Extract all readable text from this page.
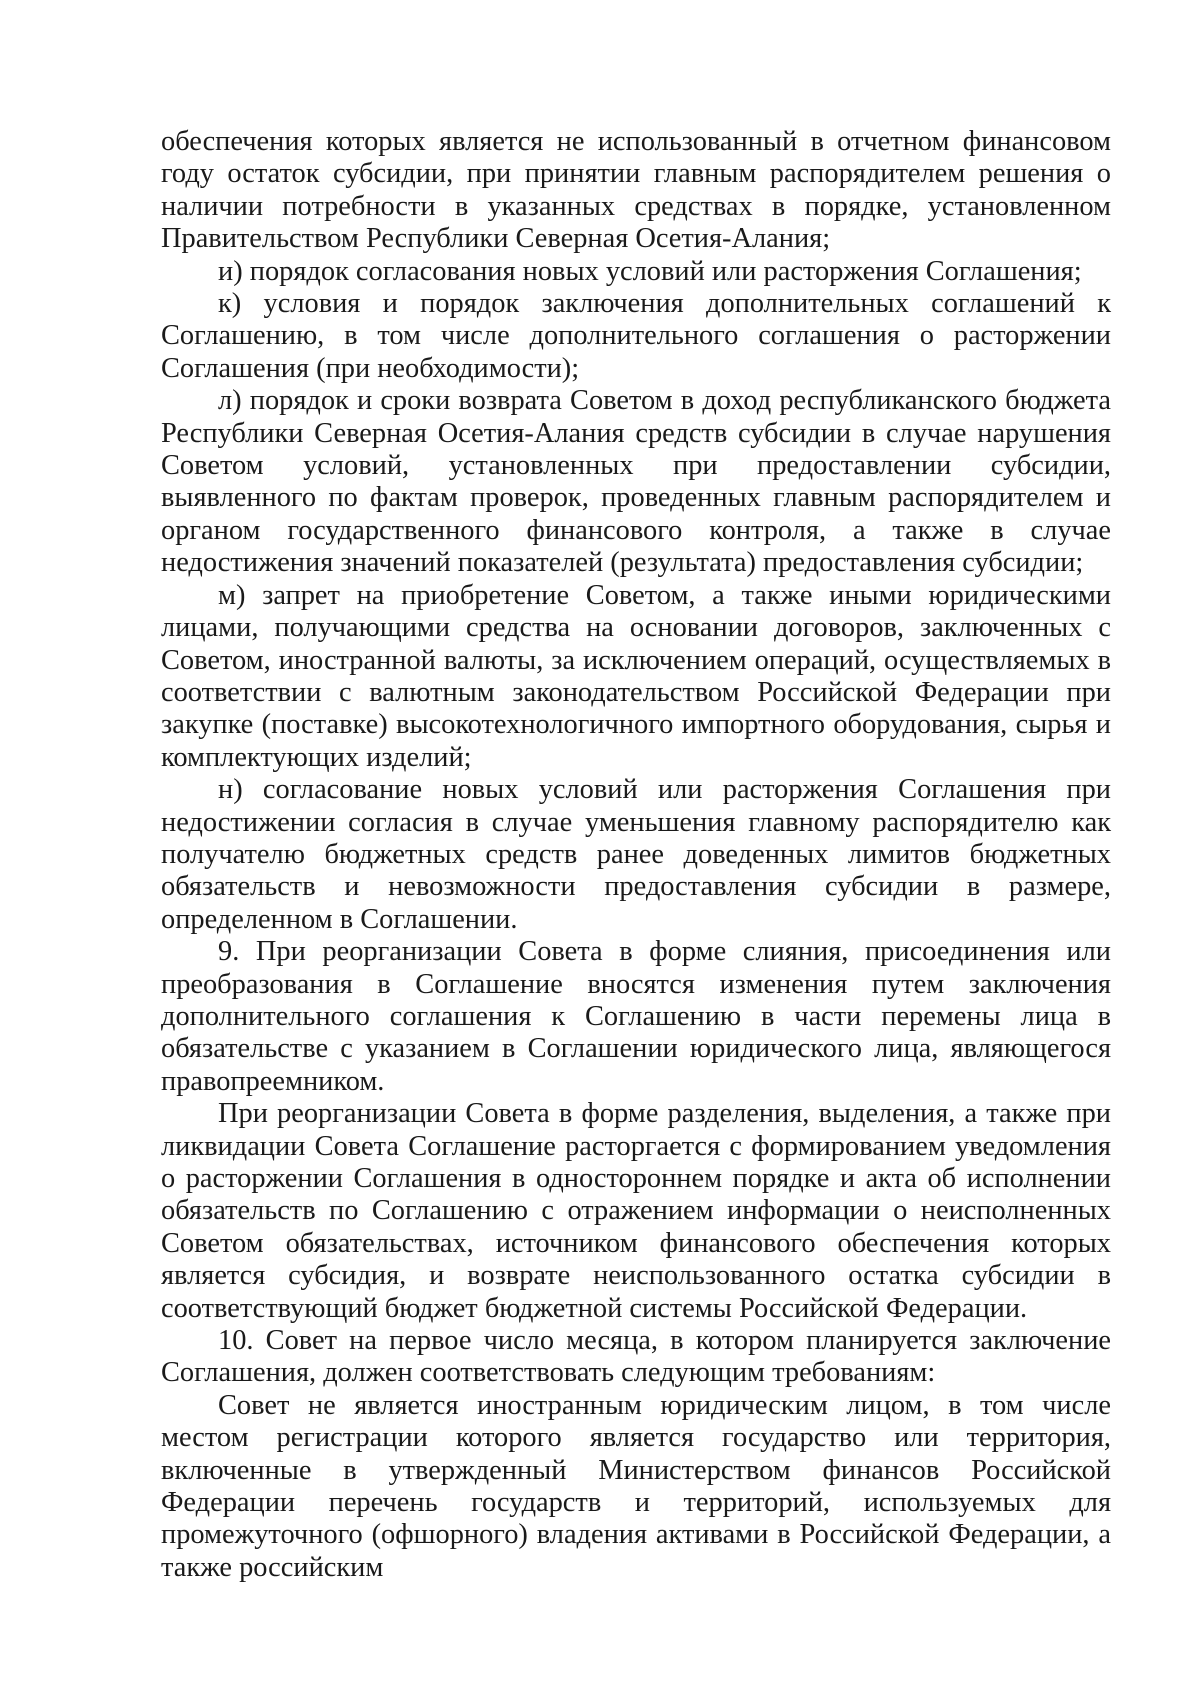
обеспечения которых является не использованный в отчетном финансовом году остаток субсидии, при принятии главным распорядителем решения о наличии потребности в указанных средствах в порядке, установленном Правительством Республики Северная Осетия-Алания;

и) порядок согласования новых условий или расторжения Соглашения;

к) условия и порядок заключения дополнительных соглашений к Соглашению, в том числе дополнительного соглашения о расторжении Соглашения (при необходимости);

л) порядок и сроки возврата Советом в доход республиканского бюджета Республики Северная Осетия-Алания средств субсидии в случае нарушения Советом условий, установленных при предоставлении субсидии, выявленного по фактам проверок, проведенных главным распорядителем и органом государственного финансового контроля, а также в случае недостижения значений показателей (результата) предоставления субсидии;

м) запрет на приобретение Советом, а также иными юридическими лицами, получающими средства на основании договоров, заключенных с Советом, иностранной валюты, за исключением операций, осуществляемых в соответствии с валютным законодательством Российской Федерации при закупке (поставке) высокотехнологичного импортного оборудования, сырья и комплектующих изделий;

н) согласование новых условий или расторжения Соглашения при недостижении согласия в случае уменьшения главному распорядителю как получателю бюджетных средств ранее доведенных лимитов бюджетных обязательств и невозможности предоставления субсидии в размере, определенном в Соглашении.

9. При реорганизации Совета в форме слияния, присоединения или преобразования в Соглашение вносятся изменения путем заключения дополнительного соглашения к Соглашению в части перемены лица в обязательстве с указанием в Соглашении юридического лица, являющегося правопреемником.

При реорганизации Совета в форме разделения, выделения, а также при ликвидации Совета Соглашение расторгается с формированием уведомления о расторжении Соглашения в одностороннем порядке и акта об исполнении обязательств по Соглашению с отражением информации о неисполненных Советом обязательствах, источником финансового обеспечения которых является субсидия, и возврате неиспользованного остатка субсидии в соответствующий бюджет бюджетной системы Российской Федерации.

10. Совет на первое число месяца, в котором планируется заключение Соглашения, должен соответствовать следующим требованиям:

Совет не является иностранным юридическим лицом, в том числе местом регистрации которого является государство или территория, включенные в утвержденный Министерством финансов Российской Федерации перечень государств и территорий, используемых для промежуточного (офшорного) владения активами в Российской Федерации, а также российским
